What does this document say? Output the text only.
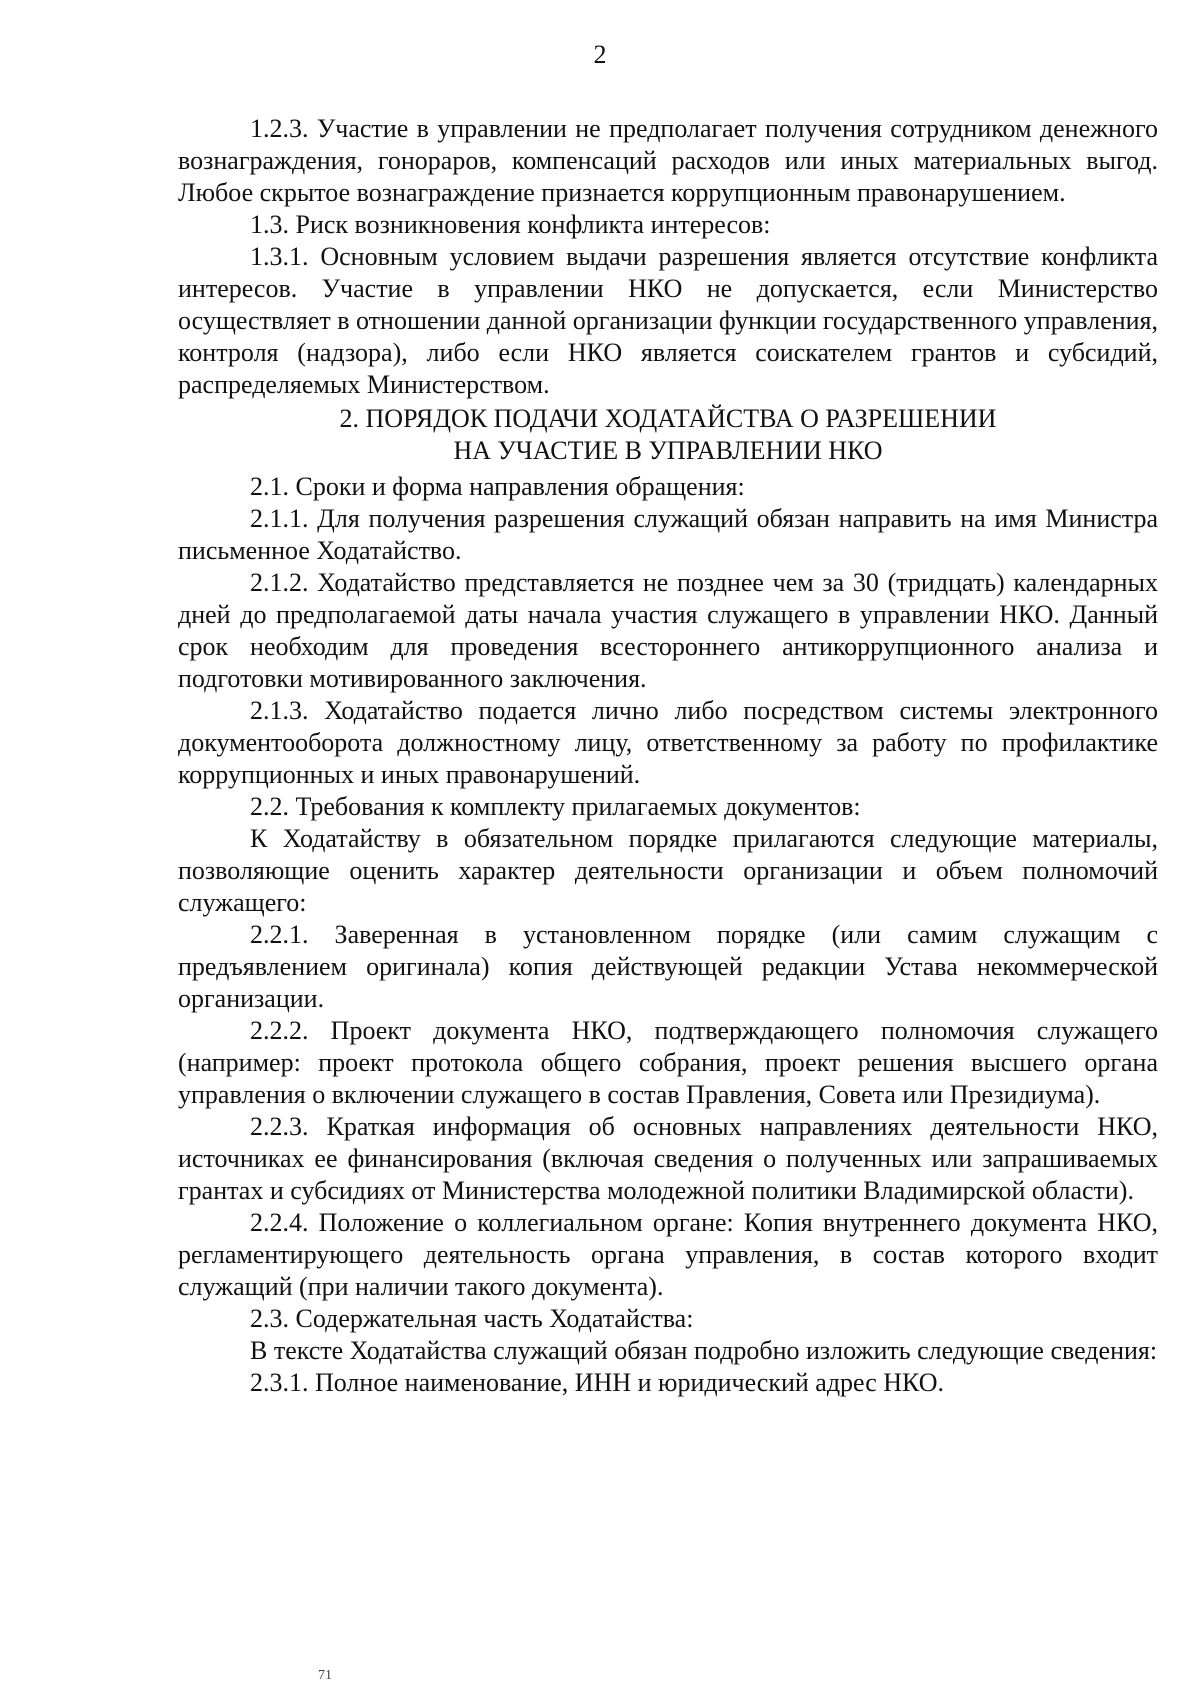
2

1.2.3. Участие в управлении не предполагает получения сотрудником денежного вознаграждения, гонораров, компенсаций расходов или иных материальных выгод. Любое скрытое вознаграждение признается коррупционным правонарушением.

1.3. Риск возникновения конфликта интересов:

1.3.1. Основным условием выдачи разрешения является отсутствие конфликта интересов. Участие в управлении НКО не допускается, если Министерство осуществляет в отношении данной организации функции государственного управления, контроля (надзора), либо если НКО является соискателем грантов и субсидий, распределяемых Министерством.

2. ПОРЯДОК ПОДАЧИ ХОДАТАЙСТВА О РАЗРЕШЕНИИ
НА УЧАСТИЕ В УПРАВЛЕНИИ НКО

2.1. Сроки и форма направления обращения:

2.1.1. Для получения разрешения служащий обязан направить на имя Министра письменное Ходатайство.

2.1.2. Ходатайство представляется не позднее чем за 30 (тридцать) календарных дней до предполагаемой даты начала участия служащего в управлении НКО. Данный срок необходим для проведения всестороннего антикоррупционного анализа и подготовки мотивированного заключения.

2.1.3. Ходатайство подается лично либо посредством системы электронного документооборота должностному лицу, ответственному за работу по профилактике коррупционных и иных правонарушений.

2.2. Требования к комплекту прилагаемых документов:

К Ходатайству в обязательном порядке прилагаются следующие материалы, позволяющие оценить характер деятельности организации и объем полномочий служащего:

2.2.1. Заверенная в установленном порядке (или самим служащим с предъявлением оригинала) копия действующей редакции Устава некоммерческой организации.

2.2.2. Проект документа НКО, подтверждающего полномочия служащего (например: проект протокола общего собрания, проект решения высшего органа управления о включении служащего в состав Правления, Совета или Президиума).

2.2.3. Краткая информация об основных направлениях деятельности НКО, источниках ее финансирования (включая сведения о полученных или запрашиваемых грантах и субсидиях от Министерства молодежной политики Владимирской области).

2.2.4. Положение о коллегиальном органе: Копия внутреннего документа НКО, регламентирующего деятельность органа управления, в состав которого входит служащий (при наличии такого документа).

2.3. Содержательная часть Ходатайства:

В тексте Ходатайства служащий обязан подробно изложить следующие сведения:

2.3.1. Полное наименование, ИНН и юридический адрес НКО.

71
